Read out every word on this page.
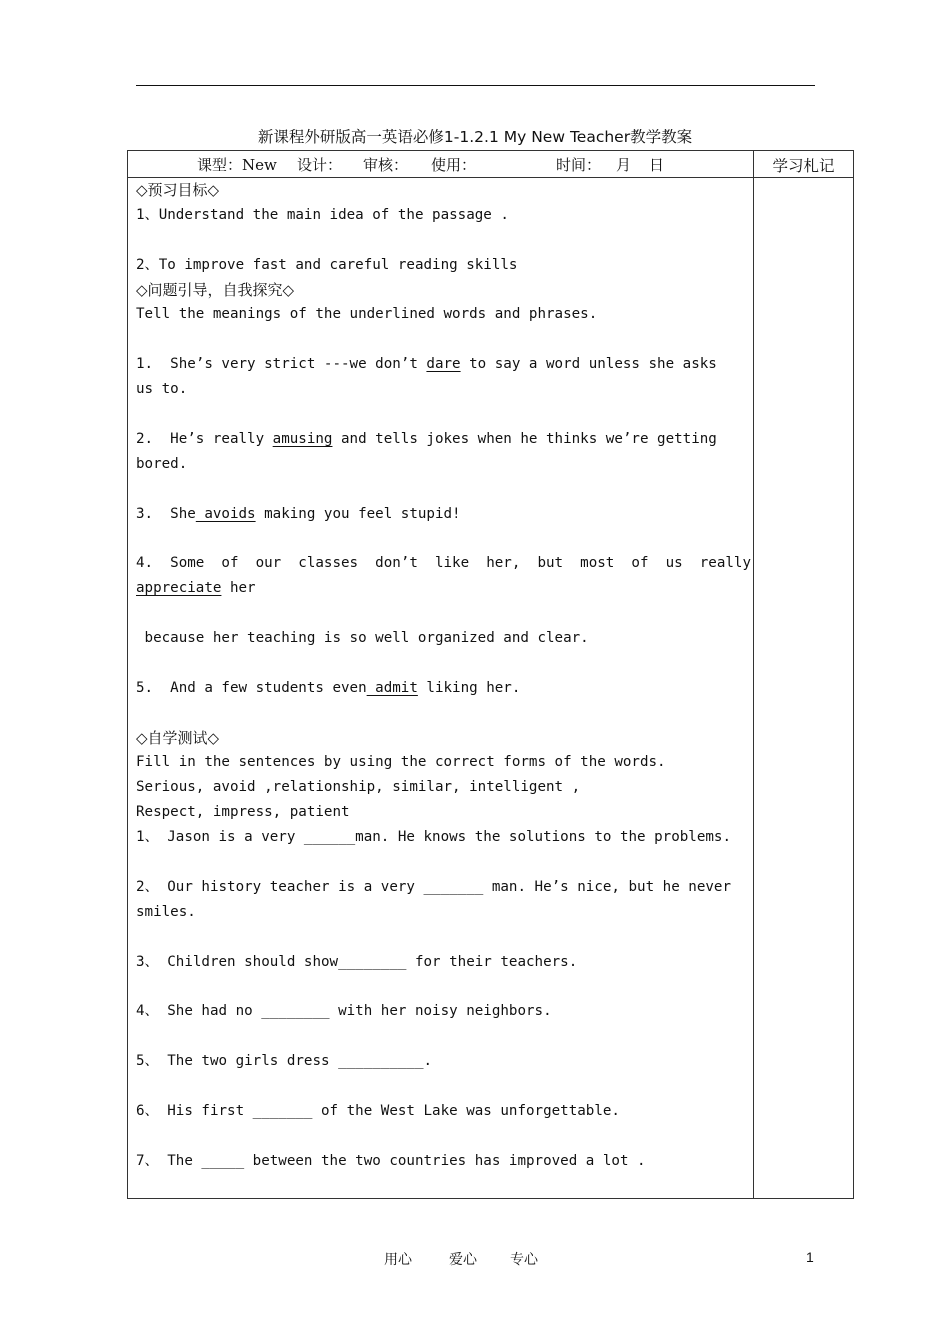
新课程外研版高一英语必修1-1.2.1 My New Teacher教学教案
课型：New 设计： 审核： 使用：	时间： 月 日	学习札记
◇预习目标◇
1、Understand the main idea of the passage .
2、To improve fast and careful reading skills
◇问题引导，自我探究◇
Tell the meanings of the underlined words and phrases.
1.  She’s very strict ---we don’t dare to say a word unless she asks
us to.
2.  He’s really amusing and tells jokes when he thinks we’re getting
bored.
3.  She avoids making you feel stupid!
4.  Some  of  our  classes  don’t  like  her,  but  most  of  us  really
appreciate her
because her teaching is so well organized and clear.
5.  And a few students even admit liking her.
◇自学测试◇
Fill in the sentences by using the correct forms of the words.
Serious, avoid ,relationship, similar, intelligent ,
Respect, impress, patient
1、 Jason is a very ______man. He knows the solutions to the problems.
2、 Our history teacher is a very _______ man. He’s nice, but he never
smiles.
3、 Children should show________ for their teachers.
4、 She had no ________ with her noisy neighbors.
5、 The two girls dress __________.
6、 His first _______ of the West Lake was unforgettable.
7、 The _____ between the two countries has improved a lot .
用心	爱心 专心	1
